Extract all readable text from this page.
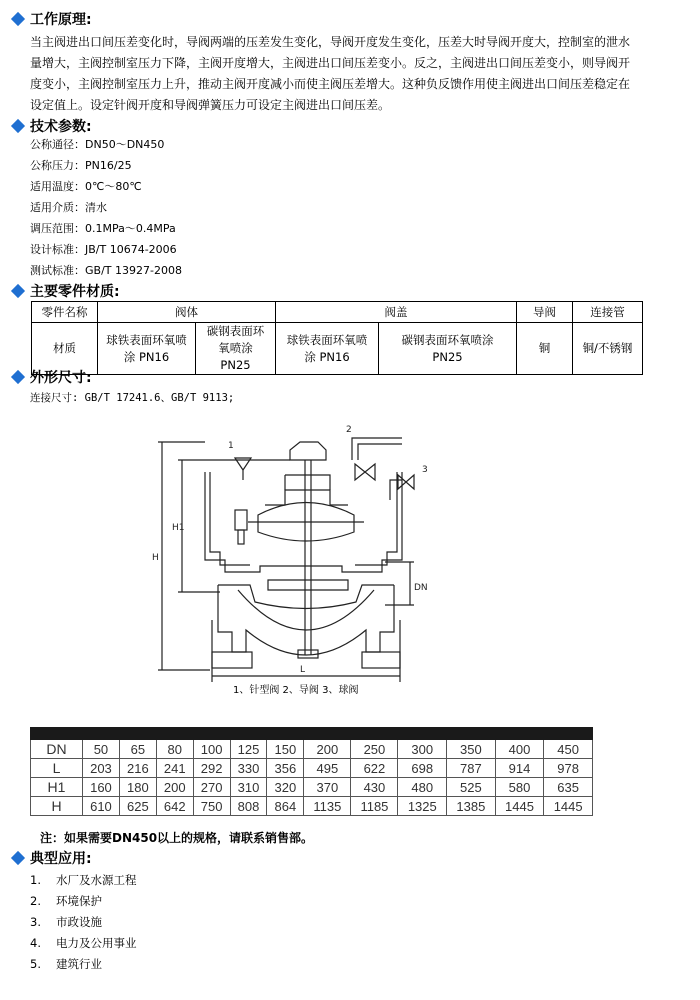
工作原理:
当主阀进出口间压差变化时，导阀两端的压差发生变化，导阀开度发生变化，压差大时导阀开度大，控制室的泄水量增大，主阀控制室压力下降，主阀开度增大，主阀进出口间压差变小。反之，主阀进出口间压差变小，则导阀开度变小，主阀控制室压力上升，推动主阀开度减小而使主阀压差增大。这种负反馈作用使主阀进出口间压差稳定在设定值上。设定针阀开度和导阀弹簧压力可设定主阀进出口间压差。
技术参数:
公称通径：DN50～DN450
公称压力：PN16/25
适用温度：0℃～80℃
适用介质：清水
调压范围：0.1MPa～0.4MPa
设计标准：JB/T 10674-2006
测试标准：GB/T 13927-2008
主要零件材质:
零件名称	阀体		阀盖		导阀	连接管
材质	球铁表面环氧喷涂 PN16	碳钢表面环氧喷涂 PN25	球铁表面环氧喷涂 PN16	碳钢表面环氧喷涂 PN25	铜	铜/不锈钢
外形尺寸:
连接尺寸: GB/T 17241.6、GB/T 9113;
1
2
3
H
H1
DN
L
1、针型阀 2、导阀 3、球阀

DN	50	65	80	100	125	150	200	250	300	350	400	450
L	203	216	241	292	330	356	495	622	698	787	914	978
H1	160	180	200	270	310	320	370	430	480	525	580	635
H	610	625	642	750	808	864	1135	1185	1325	1385	1445	1445
注：如果需要DN450以上的规格，请联系销售部。
典型应用:
1. 水厂及水源工程
2. 环境保护
3. 市政设施
4. 电力及公用事业
5. 建筑行业
